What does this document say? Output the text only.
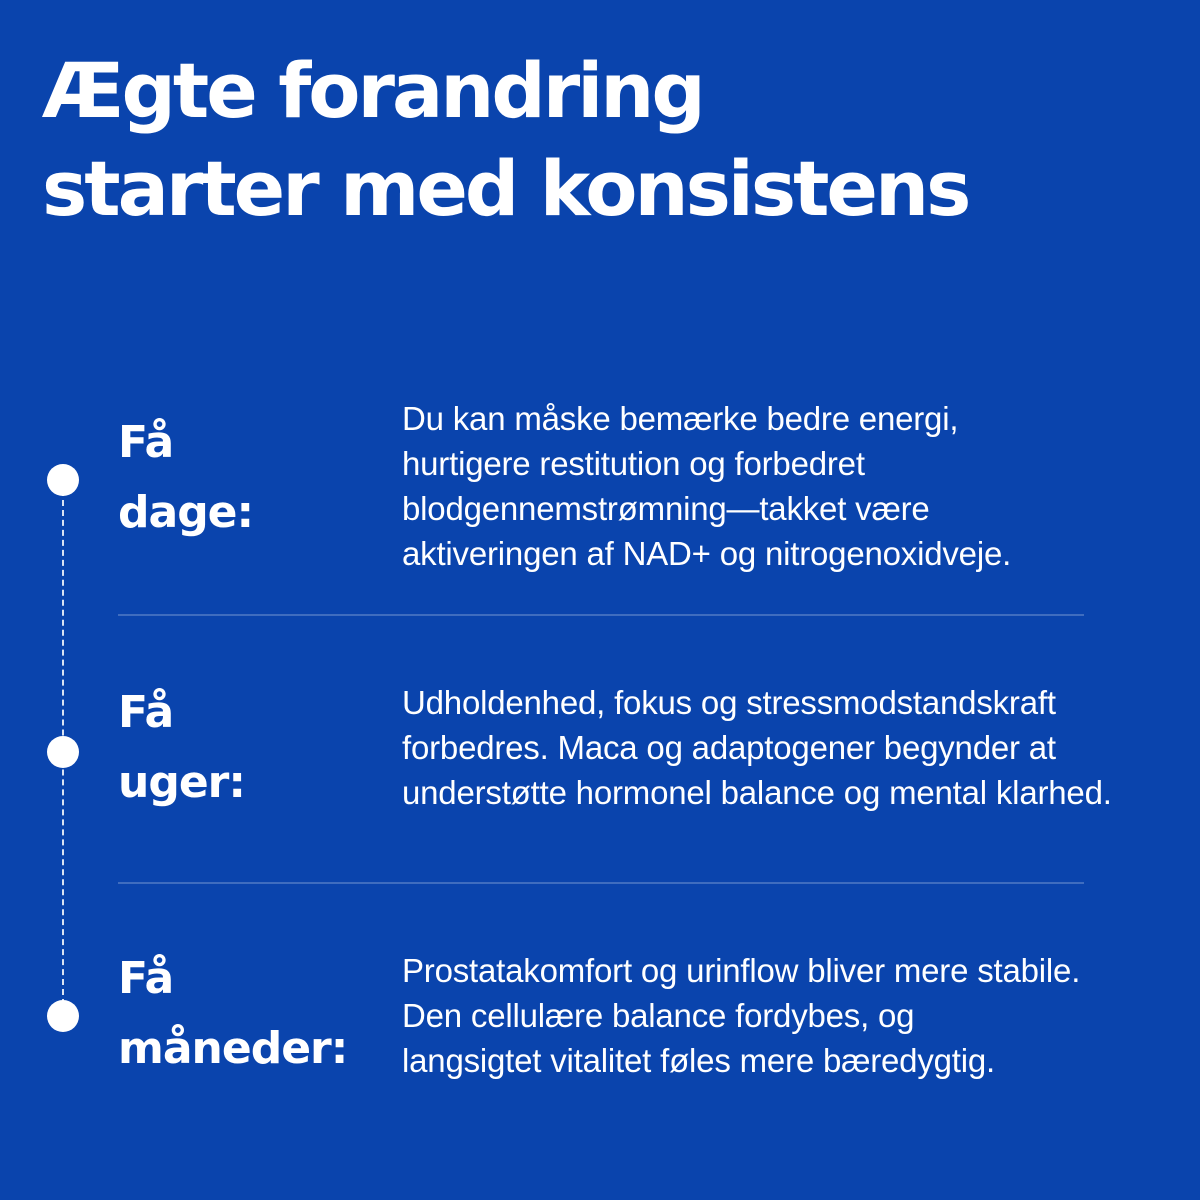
Ægte forandring
starter med konsistens
Få
dage:
Du kan måske bemærke bedre energi,
hurtigere restitution og forbedret
blodgennemstrømning—takket være
aktiveringen af NAD+ og nitrogenoxidveje.
Få
uger:
Udholdenhed, fokus og stressmodstandskraft
forbedres. Maca og adaptogener begynder at
understøtte hormonel balance og mental klarhed.
Få
måneder:
Prostatakomfort og urinflow bliver mere stabile.
Den cellulære balance fordybes, og
langsigtet vitalitet føles mere bæredygtig.
